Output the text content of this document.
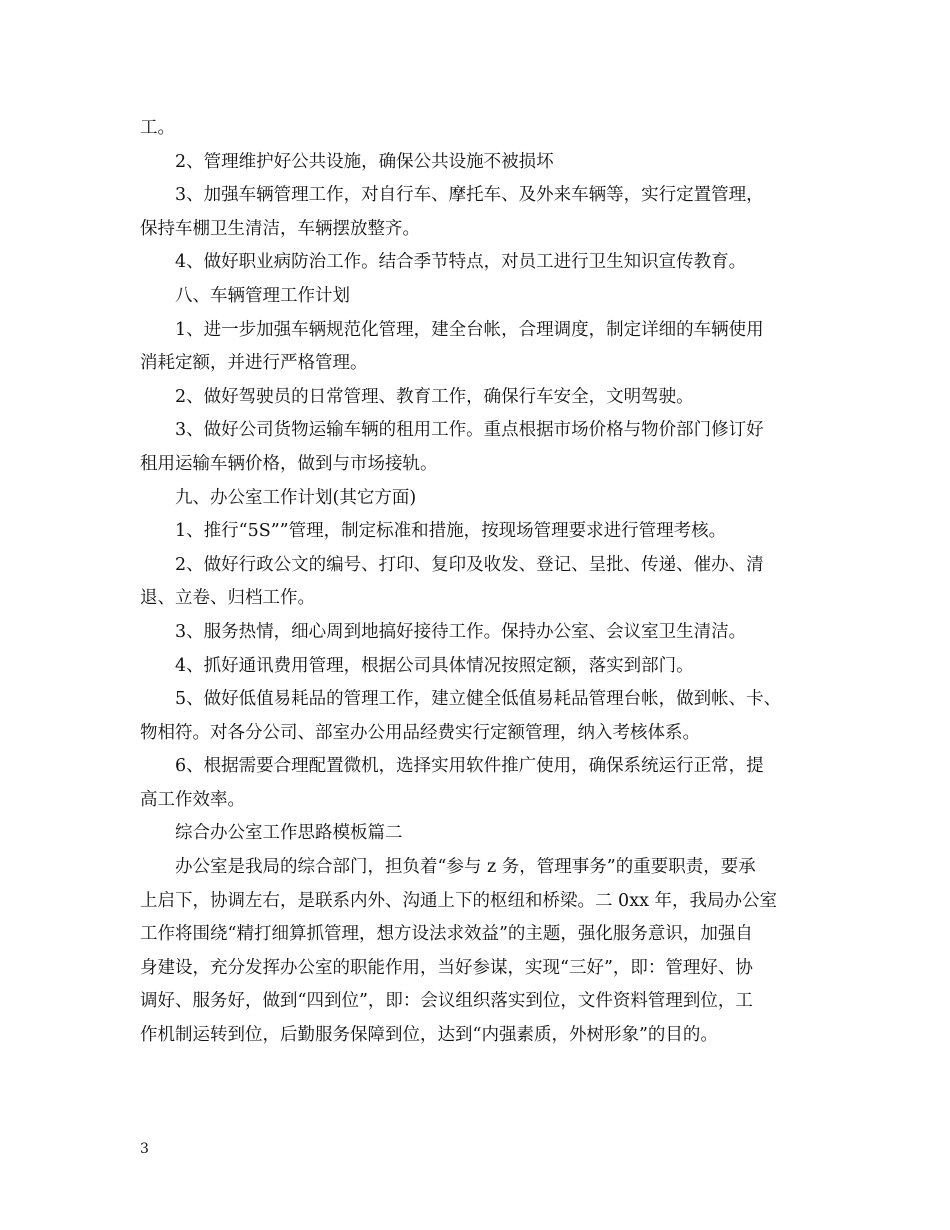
工。
2、管理维护好公共设施，确保公共设施不被损坏
3、加强车辆管理工作，对自行车、摩托车、及外来车辆等，实行定置管理，
保持车棚卫生清洁，车辆摆放整齐。
4、做好职业病防治工作。结合季节特点，对员工进行卫生知识宣传教育。
八、车辆管理工作计划
1、进一步加强车辆规范化管理，建全台帐，合理调度，制定详细的车辆使用
消耗定额，并进行严格管理。
2、做好驾驶员的日常管理、教育工作，确保行车安全，文明驾驶。
3、做好公司货物运输车辆的租用工作。重点根据市场价格与物价部门修订好
租用运输车辆价格，做到与市场接轨。
九、办公室工作计划(其它方面)
1、推行“5S””管理，制定标准和措施，按现场管理要求进行管理考核。
2、做好行政公文的编号、打印、复印及收发、登记、呈批、传递、催办、清
退、立卷、归档工作。
3、服务热情，细心周到地搞好接待工作。保持办公室、会议室卫生清洁。
4、抓好通讯费用管理，根据公司具体情况按照定额，落实到部门。
5、做好低值易耗品的管理工作，建立健全低值易耗品管理台帐，做到帐、卡、
物相符。对各分公司、部室办公用品经费实行定额管理，纳入考核体系。
6、根据需要合理配置微机，选择实用软件推广使用，确保系统运行正常，提
高工作效率。
综合办公室工作思路模板篇二
办公室是我局的综合部门，担负着“参与 z 务，管理事务”的重要职责，要承
上启下，协调左右，是联系内外、沟通上下的枢纽和桥梁。二 0xx 年，我局办公室
工作将围绕“精打细算抓管理，想方设法求效益”的主题，强化服务意识，加强自
身建设，充分发挥办公室的职能作用，当好参谋，实现“三好”，即：管理好、协
调好、服务好，做到“四到位”，即：会议组织落实到位，文件资料管理到位，工
作机制运转到位，后勤服务保障到位，达到“内强素质，外树形象”的目的。
3
